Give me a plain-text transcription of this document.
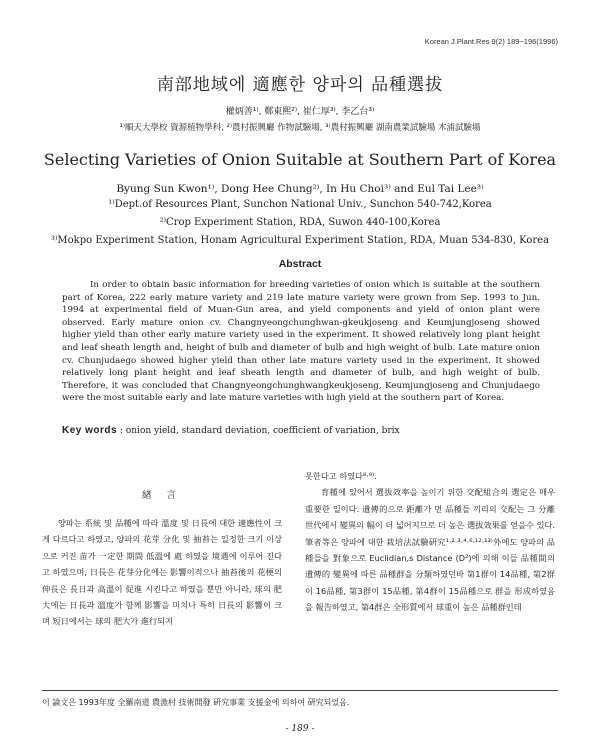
Korean J.Plant.Res 9(2) 189~196(1996)
南部地域에 適應한 양파의 品種選拔
權炳善¹⁾, 鄭東熙²⁾, 崔仁厚³⁾, 李乙台³⁾
¹⁾順天大學校 資源植物學科, ²⁾農村振興廳 作物試驗場, ³⁾農村振興廳 湖南農業試驗場 木浦試驗場
Selecting Varieties of Onion Suitable at Southern Part of Korea
Byung Sun Kwon¹⁾, Dong Hee Chung²⁾, In Hu Choi³⁾ and Eul Tai Lee³⁾
¹⁾Dept.of Resources Plant, Sunchon National Univ., Sunchon 540-742,Korea
²⁾Crop Experiment Station, RDA, Suwon 440-100,Korea
³⁾Mokpo Experiment Station, Honam Agricultural Experiment Station, RDA, Muan 534-830, Korea
Abstract
In order to obtain basic information for breeding varieties of onion which is suitable at the southern part of Korea, 222 early mature variety and 219 late mature variety were grown from Sep. 1993 to Jun. 1994 at experimental field of Muan-Gun area, and yield components and yield of onion plant were observed. Early mature onion cv. Changnyeongchunghwan-gkeukjoseng and Keumjungjoseng showed higher yield than other early mature variety used in the experiment. It showed relatively long plant height and leaf sheath length and, height of bulb and diameter of bulb and high weight of bulb. Late mature onion cv. Chunjudaego showed higher yield than other late mature variety used in the experiment. It showed relatively long plant height and leaf sheath length and diameter of bulb, and high weight of bulb. Therefore, it was concluded that Changnyeongchunghwangkeukjoseng, Keumjungjoseng and Chunjudaego were the most suitable early and late mature varieties with high yield at the southern part of Korea.
Key words : onion yield, standard deviation, coefficient of variation, brix
緖 言

양파는 系統 및 品種에 따라 溫度 및 日長에 대한 適應性이 크게 다르다고 하였고, 양파의 花芽 分化 및 抽苔는 일정한 크기 이상으로 커진 苗가 一定한 期間 低溫에 處 하였을 境遇에 이루어 진다고 하였으며, 日長은 花芽分化에는 影響이적으나 抽苔後의 花梗의 伸長은 長日과 高溫이 促進 시킨다고 하였을 뿐만 아니라, 球의 肥大에는 日長과 溫度가 함께 影響을 미치나 특히 日長의 影響이 크며 短日에서는 球의 肥大가 進行되지

못한다고 하였다⁸·⁹⁾.

育種에 있어서 選拔效率을 높이기 위한 交配組合의 選定은 매우 重要한 일이다. 遺傳的으로 距離가 먼 品種들 끼리의 交配는 그 分離世代에서 變異의 幅이 더 넓어지므로 더 높은 選拔效果를 얻을수 있다. 筆者等은 양파에 대한 栽培法試驗硏究¹·²·³·⁴·⁶·¹²·¹³⁾外에도 양파의 品種들을 對象으로 Euclidian,s Distance (D²)에 의해 이들 品種間의 遺傳的 變異에 따른 品種群을 分類하였던바 第1群이 14品種, 第2群이 16品種, 第3群이 15品種, 第4群이 15品種으로 群을 形成하였음을 報告하였고, 第4群은 全形質에서 球重이 높은 品種群인데

이 論文은 1993年度 全羅南道 農漁村 技術開發 硏究事業 支援金에 의하여 硏究되었음.
- 189 -
